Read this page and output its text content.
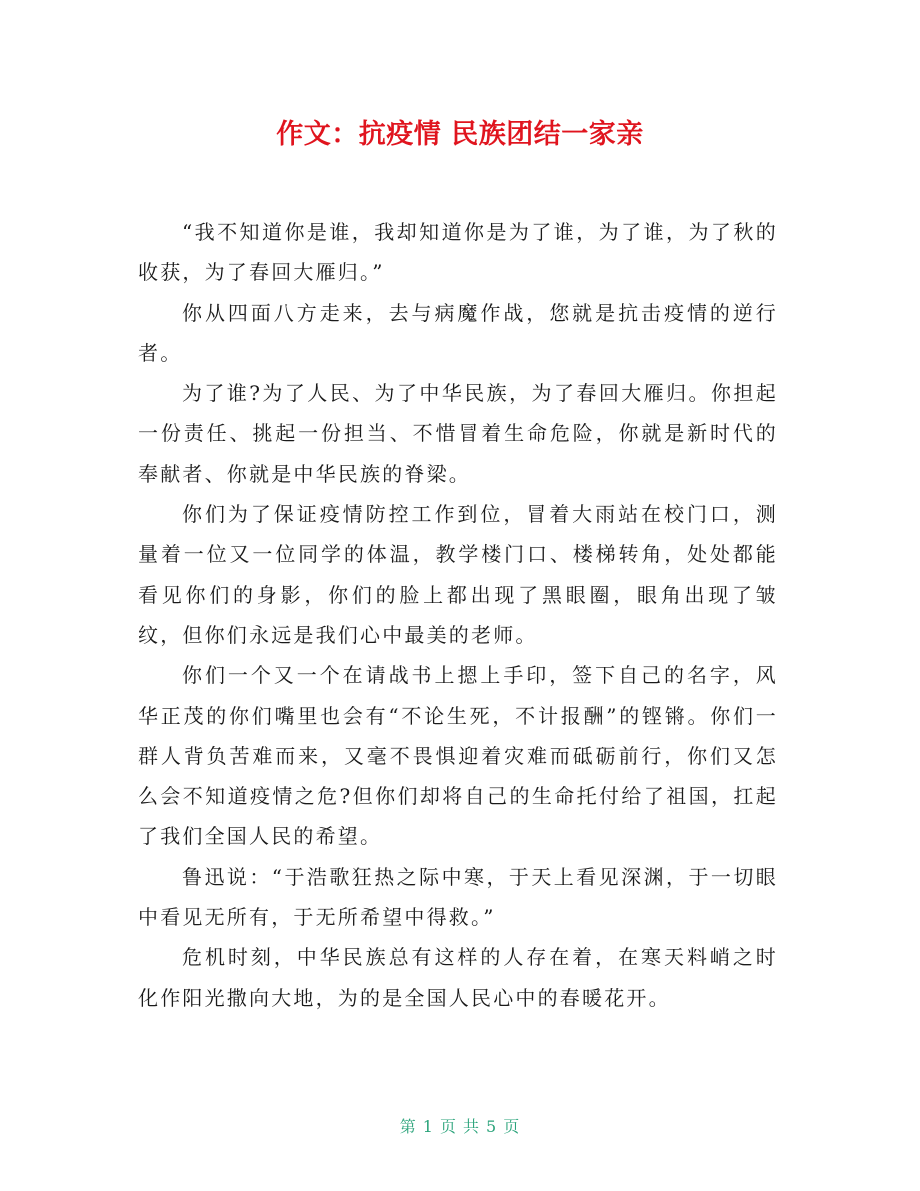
作文：抗疫情 民族团结一家亲

“我不知道你是谁，我却知道你是为了谁，为了谁，为了秋的收获，为了春回大雁归。”

你从四面八方走来，去与病魔作战，您就是抗击疫情的逆行者。

为了谁?为了人民、为了中华民族，为了春回大雁归。你担起一份责任、挑起一份担当、不惜冒着生命危险，你就是新时代的奉献者、你就是中华民族的脊梁。

你们为了保证疫情防控工作到位，冒着大雨站在校门口，测量着一位又一位同学的体温，教学楼门口、楼梯转角，处处都能看见你们的身影，你们的脸上都出现了黑眼圈，眼角出现了皱纹，但你们永远是我们心中最美的老师。

你们一个又一个在请战书上摁上手印，签下自己的名字，风华正茂的你们嘴里也会有“不论生死，不计报酬”的铿锵。你们一群人背负苦难而来，又毫不畏惧迎着灾难而砥砺前行，你们又怎么会不知道疫情之危?但你们却将自己的生命托付给了祖国，扛起了我们全国人民的希望。

鲁迅说：“于浩歌狂热之际中寒，于天上看见深渊，于一切眼中看见无所有，于无所希望中得救。”

危机时刻，中华民族总有这样的人存在着，在寒天料峭之时化作阳光撒向大地，为的是全国人民心中的春暖花开。

第 1 页 共 5 页
